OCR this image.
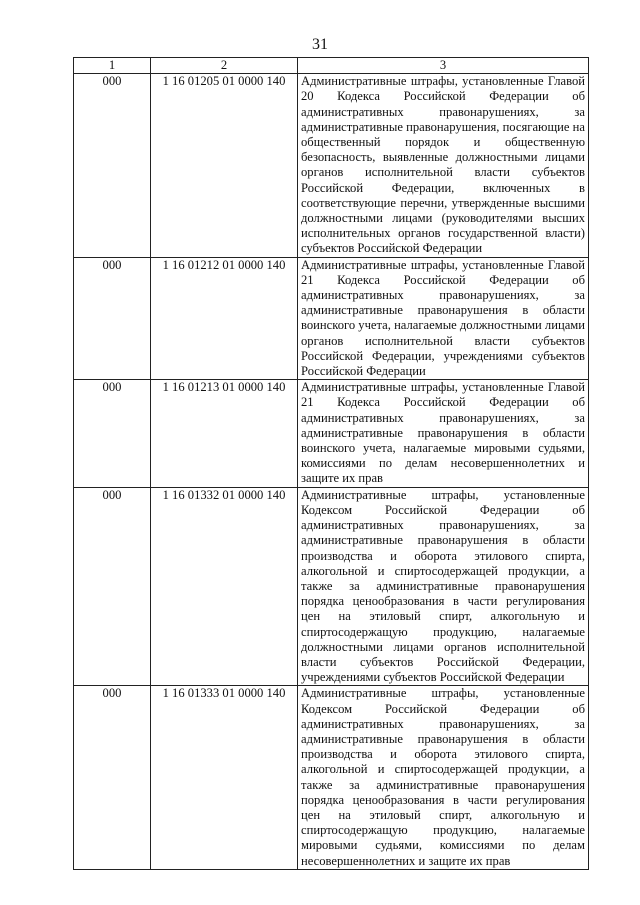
31
1	2	3
000	1 16 01205 01 0000 140	Административные штрафы, установленные Главой 20 Кодекса Российской Федерации об административных правонарушениях, за административные правонарушения, посягающие на общественный порядок и общественную безопасность, выявленные должностными лицами органов исполнительной власти субъектов Российской Федерации, включенных в соответствующие перечни, утвержденные высшими должностными лицами (руководителями высших исполнительных органов государственной власти) субъектов Российской Федерации
000	1 16 01212 01 0000 140	Административные штрафы, установленные Главой 21 Кодекса Российской Федерации об административных правонарушениях, за административные правонарушения в области воинского учета, налагаемые должностными лицами органов исполнительной власти субъектов Российской Федерации, учреждениями субъектов Российской Федерации
000	1 16 01213 01 0000 140	Административные штрафы, установленные Главой 21 Кодекса Российской Федерации об административных правонарушениях, за административные правонарушения в области воинского учета, налагаемые мировыми судьями, комиссиями по делам несовершеннолетних и защите их прав
000	1 16 01332 01 0000 140	Административные штрафы, установленные Кодексом Российской Федерации об административных правонарушениях, за административные правонарушения в области производства и оборота этилового спирта, алкогольной и спиртосодержащей продукции, а также за административные правонарушения порядка ценообразования в части регулирования цен на этиловый спирт, алкогольную и спиртосодержащую продукцию, налагаемые должностными лицами органов исполнительной власти субъектов Российской Федерации, учреждениями субъектов Российской Федерации
000	1 16 01333 01 0000 140	Административные штрафы, установленные Кодексом Российской Федерации об административных правонарушениях, за административные правонарушения в области производства и оборота этилового спирта, алкогольной и спиртосодержащей продукции, а также за административные правонарушения порядка ценообразования в части регулирования цен на этиловый спирт, алкогольную и спиртосодержащую продукцию, налагаемые мировыми судьями, комиссиями по делам несовершеннолетних и защите их прав
